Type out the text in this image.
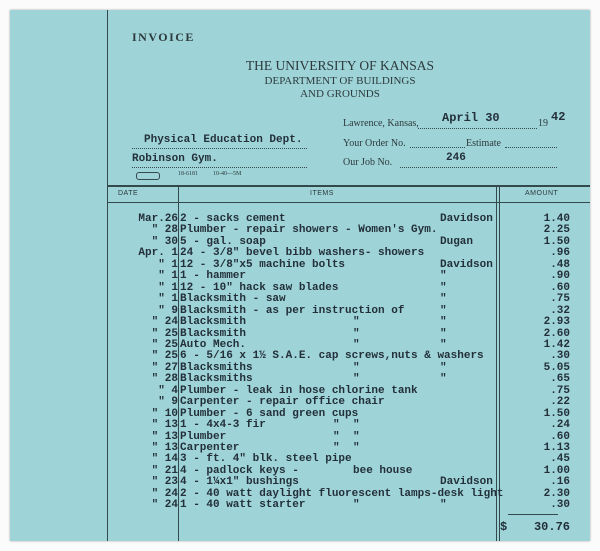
INVOICE
THE UNIVERSITY OF KANSAS
DEPARTMENT OF BUILDINGS
AND GROUNDS
Lawrence, Kansas, April 30	19 42
Your Order No.	Estimate
Our Job No.	246
Physical Education Dept.
Robinson Gym.
18-6181	10-40—5M
DATE	ITEMS	AMOUNT
Mar.26 2 - sacks cement	Davidson	1.40
" 28 Plumber - repair showers - Women's Gym.	2.25
" 30 5 - gal. soap	Dugan	1.50
Apr. 1 24 - 3/8" bevel bibb washers- showers	.96
" 1 12 - 3/8"x5 machine bolts	Davidson	.48
" 1 1 - hammer	"	.90
" 1 12 - 10" hack saw blades	"	.60
" 1 Blacksmith - saw	"	.75
" 9 Blacksmith - as per instruction of	"	.32
" 24 Blacksmith	"	"	2.93
" 25 Blacksmith	"	"	2.60
" 25 Auto Mech.	"	"	1.42
" 25 6 - 5/16 x 1½ S.A.E. cap screws,nuts & washers	.30
" 27 Blacksmiths	"	"	5.05
" 28 Blacksmiths	"	"	.65
" 4 Plumber - leak in hose chlorine tank	.75
" 9 Carpenter - repair office chair	.22
" 10 Plumber - 6 sand green cups	1.50
" 13 1 - 4x4-3 fir	" "	.24
" 13 Plumber	" "	.60
" 13 Carpenter	" "	1.13
" 14 3 - ft. 4" blk. steel pipe	.45
" 21 4 - padlock keys -	bee house	1.00
" 23 4 - 1¼x1" bushings	Davidson	.16
" 24 2 - 40 watt daylight fluorescent lamps-desk light	2.30
" 24 1 - 40 watt starter	"	"	.30
$	30.76
